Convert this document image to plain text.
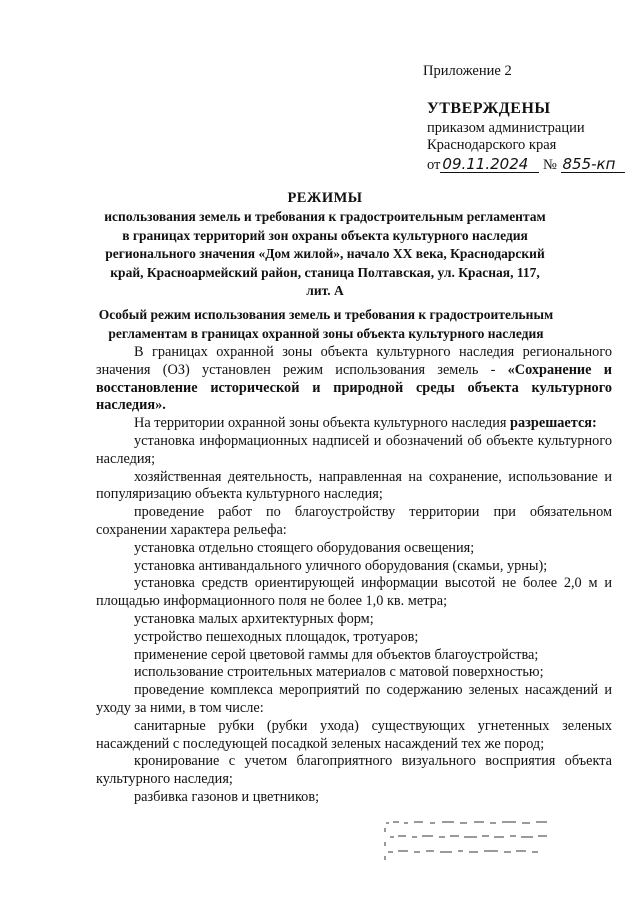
Приложение 2
УТВЕРЖДЕНЫ
приказом администрации
Краснодарского края
от 09.11.2024 № 855-кп
РЕЖИМЫ
использования земель и требования к градостроительным регламентам в границах территорий зон охраны объекта культурного наследия регионального значения «Дом жилой», начало XX века, Краснодарский край, Красноармейский район, станица Полтавская, ул. Красная, 117, лит. А
Особый режим использования земель и требования к градостроительным регламентам в границах охранной зоны объекта культурного наследия

В границах охранной зоны объекта культурного наследия регионального значения (ОЗ) установлен режим использования земель - «Сохранение и восстановление исторической и природной среды объекта культурного наследия».

На территории охранной зоны объекта культурного наследия разрешается:

установка информационных надписей и обозначений об объекте культурного наследия;

хозяйственная деятельность, направленная на сохранение, использование и популяризацию объекта культурного наследия;

проведение работ по благоустройству территории при обязательном сохранении характера рельефа:

установка отдельно стоящего оборудования освещения;

установка антивандального уличного оборудования (скамьи, урны);

установка средств ориентирующей информации высотой не более 2,0 м и площадью информационного поля не более 1,0 кв. метра;

установка малых архитектурных форм;

устройство пешеходных площадок, тротуаров;

применение серой цветовой гаммы для объектов благоустройства;

использование строительных материалов с матовой поверхностью;

проведение комплекса мероприятий по содержанию зеленых насаждений и уходу за ними, в том числе:

санитарные рубки (рубки ухода) существующих угнетенных зеленых насаждений с последующей посадкой зеленых насаждений тех же пород;

кронирование с учетом благоприятного визуального восприятия объекта культурного наследия;

разбивка газонов и цветников;
